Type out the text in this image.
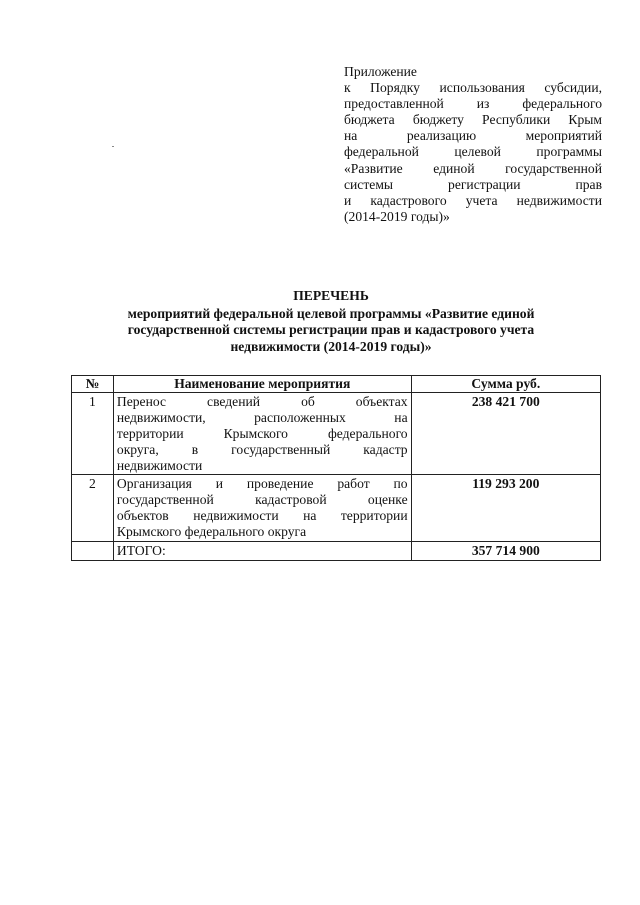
Приложение
к Порядку использования субсидии,
предоставленной из федерального
бюджета бюджету Республики Крым
на реализацию мероприятий
федеральной целевой программы
«Развитие единой государственной
системы регистрации прав
и кадастрового учета недвижимости
(2014-2019 годы)»
ПЕРЕЧЕНЬ
мероприятий федеральной целевой программы «Развитие единой
государственной системы регистрации прав и кадастрового учета
недвижимости (2014-2019 годы)»
№	Наименование мероприятия	Сумма руб.
1	Перенос сведений об объектах
недвижимости, расположенных на
территории Крымского федерального
округа, в государственный кадастр
недвижимости	238 421 700
2	Организация и проведение работ по
государственной кадастровой оценке
объектов недвижимости на территории
Крымского федерального округа	119 293 200
	ИТОГО:	357 714 900
